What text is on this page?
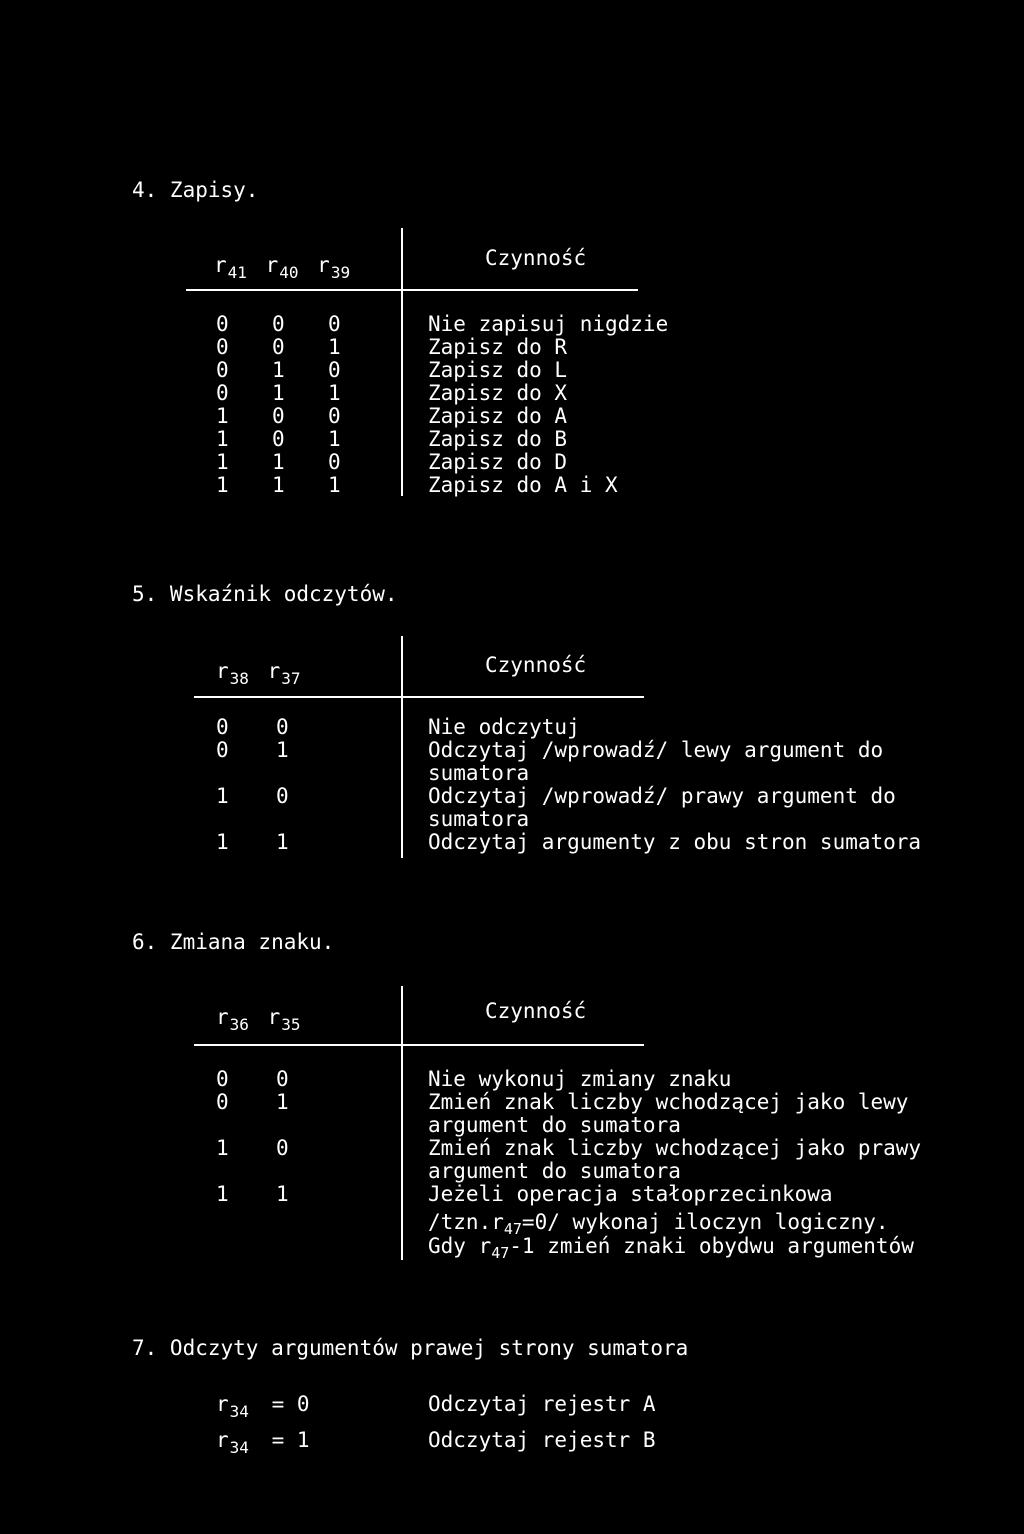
4. Zapisy.
$r_{41}$ $r_{40}$ $r_{39}$
Czynność
0 0 0	Nie zapisuj nigdzie
0 0 1	Zapisz do R
0 1 0	Zapisz do L
0 1 1	Zapisz do X
1 0 0	Zapisz do A
1 0 1	Zapisz do B
1 1 0	Zapisz do D
1 1 1	Zapisz do A i X
5. Wskaźnik odczytów.
$r_{38}$ $r_{37}$
Czynność
0 0	Nie odczytuj
0 1	Odczytaj /wprowadź/ lewy argument do
sumatora
1 0	Odczytaj /wprowadź/ prawy argument do
sumatora
1 1	Odczytaj argumenty z obu stron sumatora
6. Zmiana znaku.
$r_{36}$ $r_{35}$
Czynność
0 0	Nie wykonuj zmiany znaku
0 1	Zmień znak liczby wchodzącej jako lewy
argument do sumatora
1 0	Zmień znak liczby wchodzącej jako prawy
argument do sumatora
1 1	Jeżeli operacja stałoprzecinkowa
$/tzn.r_{47}=0/$ wykonaj iloczyn logiczny.
Gdy $r_{47}-1$ zmień znaki obydwu argumentów
7. Odczyty argumentów prawej strony sumatora
$r_{34} = 0$	Odczytaj rejestr A
$r_{34} = 1$	Odczytaj rejestr B
